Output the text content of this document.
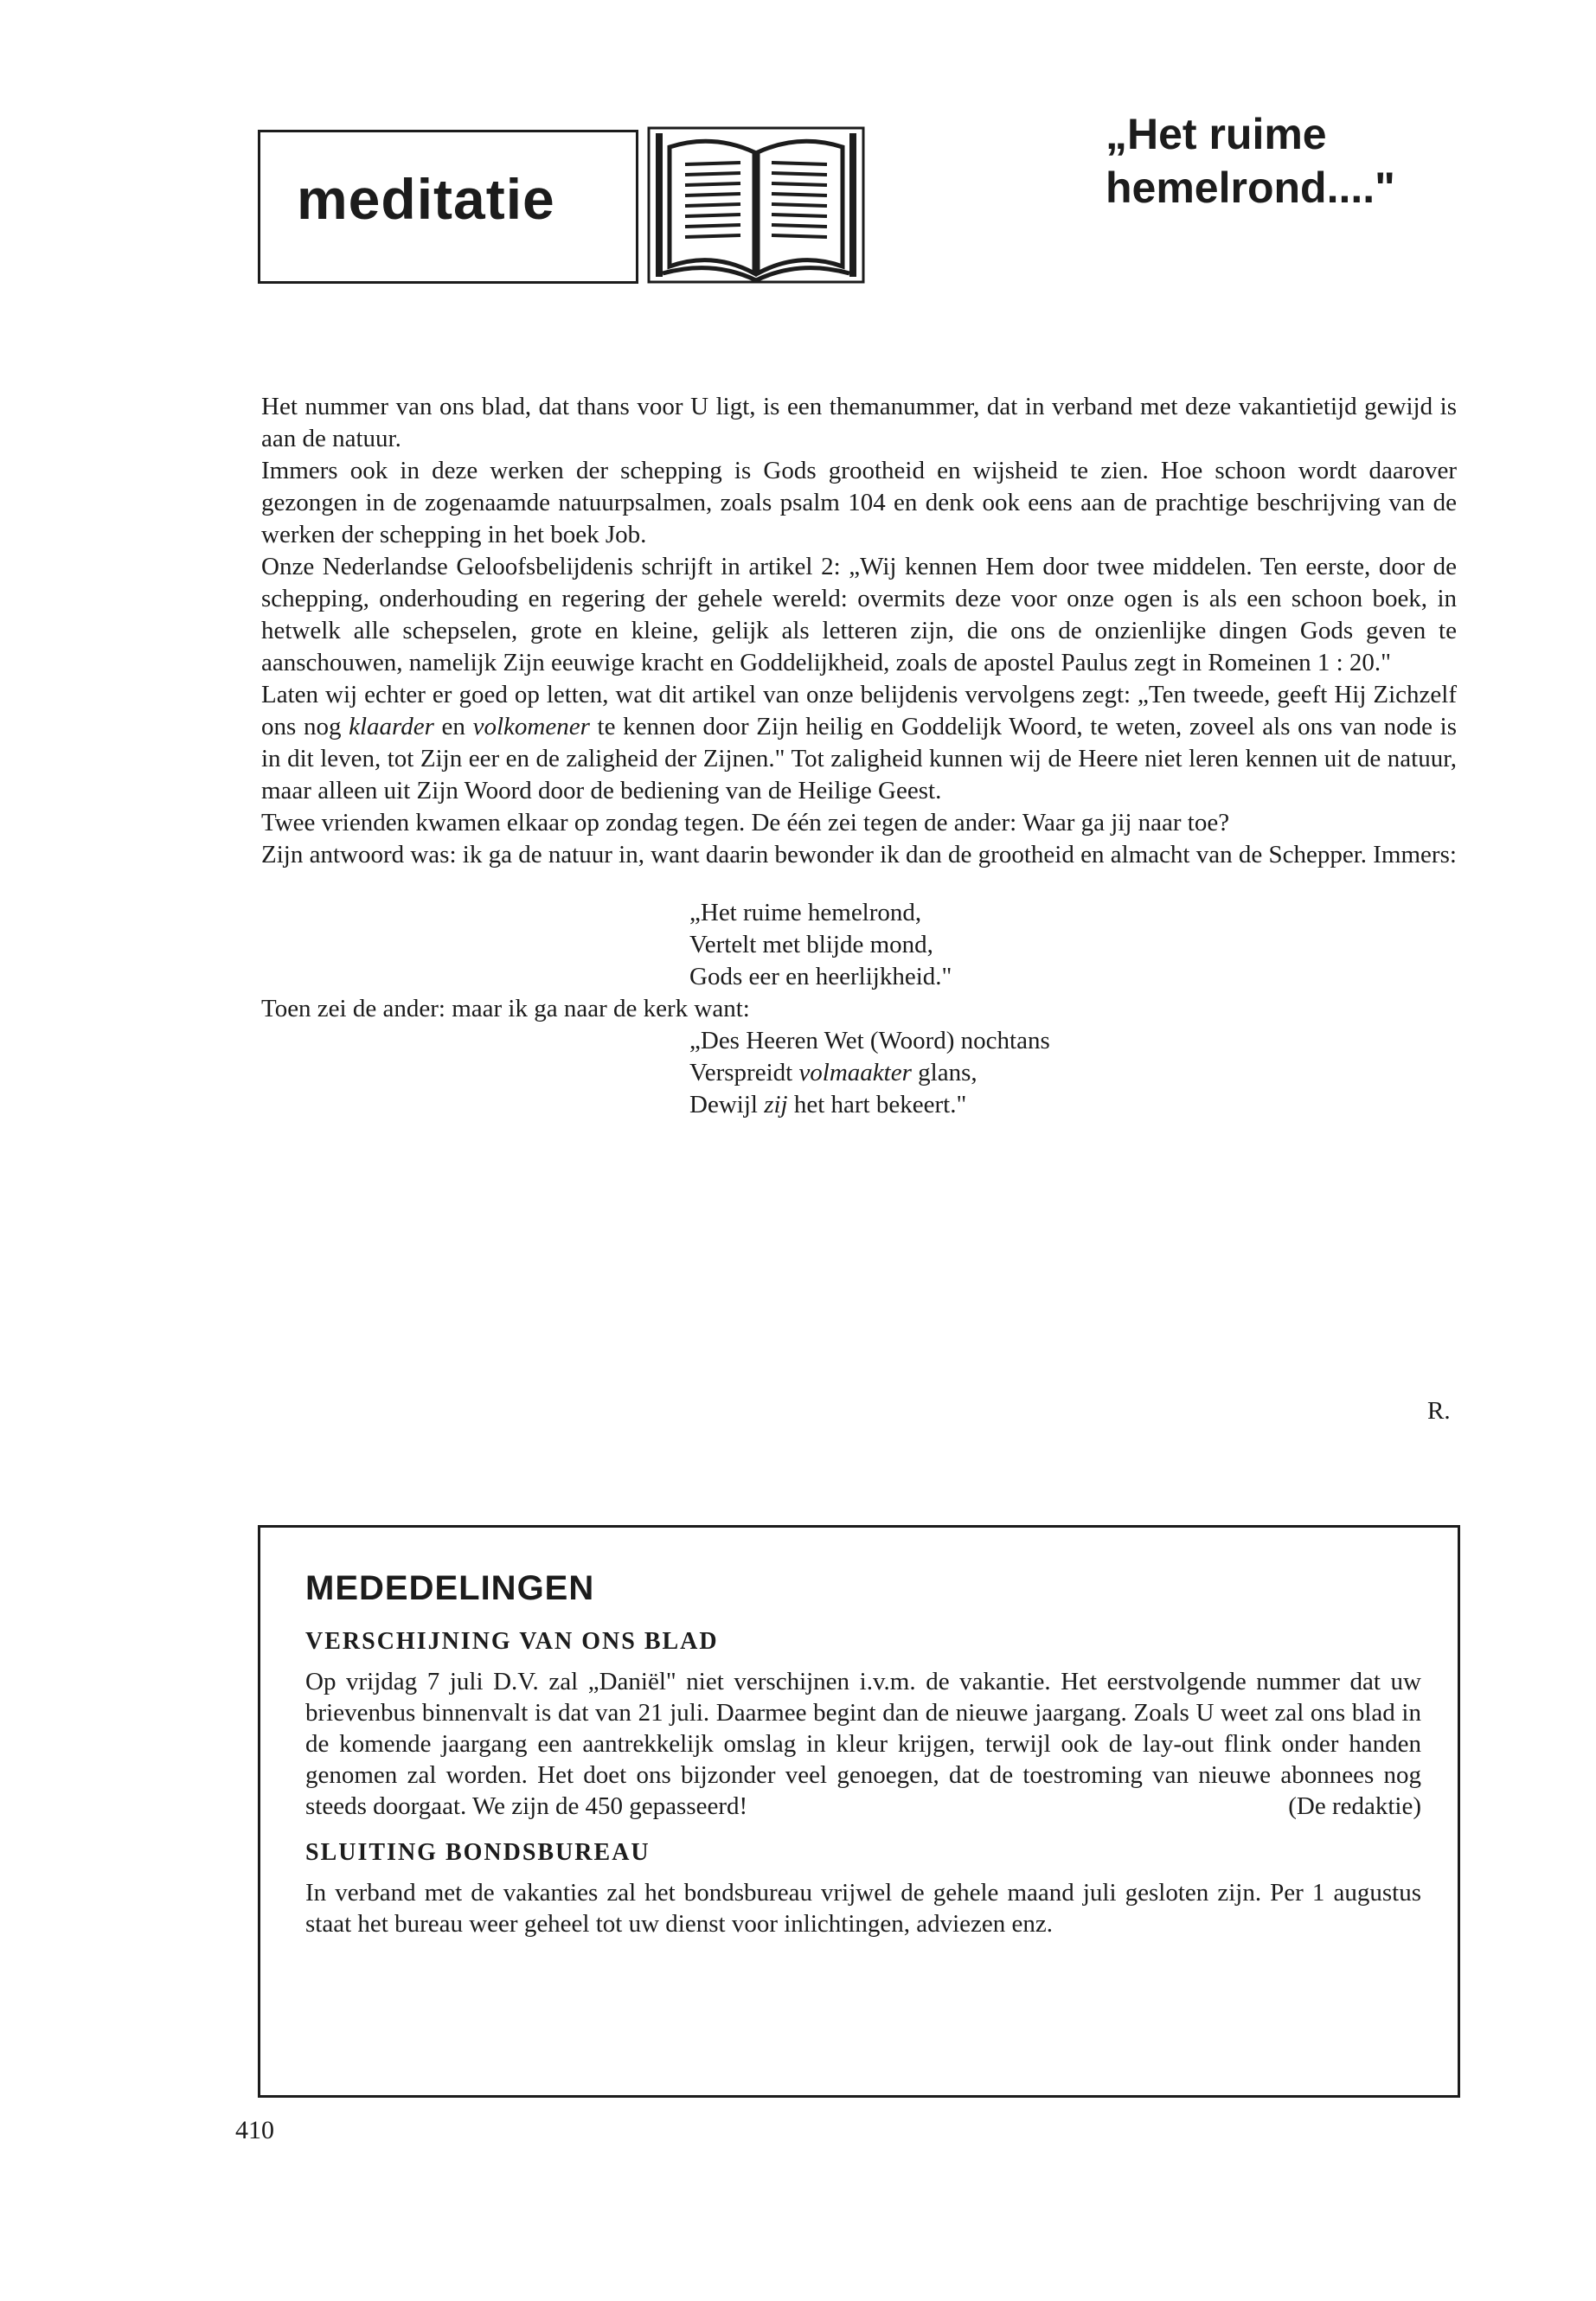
meditatie
„Het ruime
hemelrond...."

Het nummer van ons blad, dat thans voor U ligt, is een themanummer, dat in verband met deze vakantietijd gewijd is aan de natuur.

Immers ook in deze werken der schepping is Gods grootheid en wijsheid te zien. Hoe schoon wordt daarover gezongen in de zogenaamde natuurpsalmen, zoals psalm 104 en denk ook eens aan de prachtige beschrijving van de werken der schepping in het boek Job.

Onze Nederlandse Geloofsbelijdenis schrijft in artikel 2: „Wij kennen Hem door twee middelen. Ten eerste, door de schepping, onderhouding en regering der gehele wereld: overmits deze voor onze ogen is als een schoon boek, in hetwelk alle schepselen, grote en kleine, gelijk als letteren zijn, die ons de onzienlijke dingen Gods geven te aanschouwen, namelijk Zijn eeuwige kracht en Goddelijkheid, zoals de apostel Paulus zegt in Romeinen 1 : 20."

Laten wij echter er goed op letten, wat dit artikel van onze belijdenis vervolgens zegt: „Ten tweede, geeft Hij Zichzelf ons nog klaarder en volkomener te kennen door Zijn heilig en Goddelijk Woord, te weten, zoveel als ons van node is in dit leven, tot Zijn eer en de zaligheid der Zijnen." Tot zaligheid kunnen wij de Heere niet leren kennen uit de natuur, maar alleen uit Zijn Woord door de bediening van de Heilige Geest.

Twee vrienden kwamen elkaar op zondag tegen. De één zei tegen de ander: Waar ga jij naar toe?

Zijn antwoord was: ik ga de natuur in, want daarin bewonder ik dan de grootheid en almacht van de Schepper. Immers:

„Het ruime hemelrond,
Vertelt met blijde mond,
Gods eer en heerlijkheid."

Toen zei de ander: maar ik ga naar de kerk want:

„Des Heeren Wet (Woord) nochtans
Verspreidt volmaakter glans,
Dewijl zij het hart bekeert."
R.
MEDEDELINGEN
VERSCHIJNING VAN ONS BLAD

Op vrijdag 7 juli D.V. zal „Daniël" niet verschijnen i.v.m. de vakantie. Het eerstvolgende nummer dat uw brievenbus binnenvalt is dat van 21 juli. Daarmee begint dan de nieuwe jaargang. Zoals U weet zal ons blad in de komende jaargang een aantrekkelijk omslag in kleur krijgen, terwijl ook de lay-out flink onder handen genomen zal worden. Het doet ons bijzonder veel genoegen, dat de toestroming van nieuwe abonnees nog steeds doorgaat. We zijn de 450 gepasseerd!	(De redaktie)

SLUITING BONDSBUREAU

In verband met de vakanties zal het bondsbureau vrijwel de gehele maand juli gesloten zijn. Per 1 augustus staat het bureau weer geheel tot uw dienst voor inlichtingen, adviezen enz.

410
